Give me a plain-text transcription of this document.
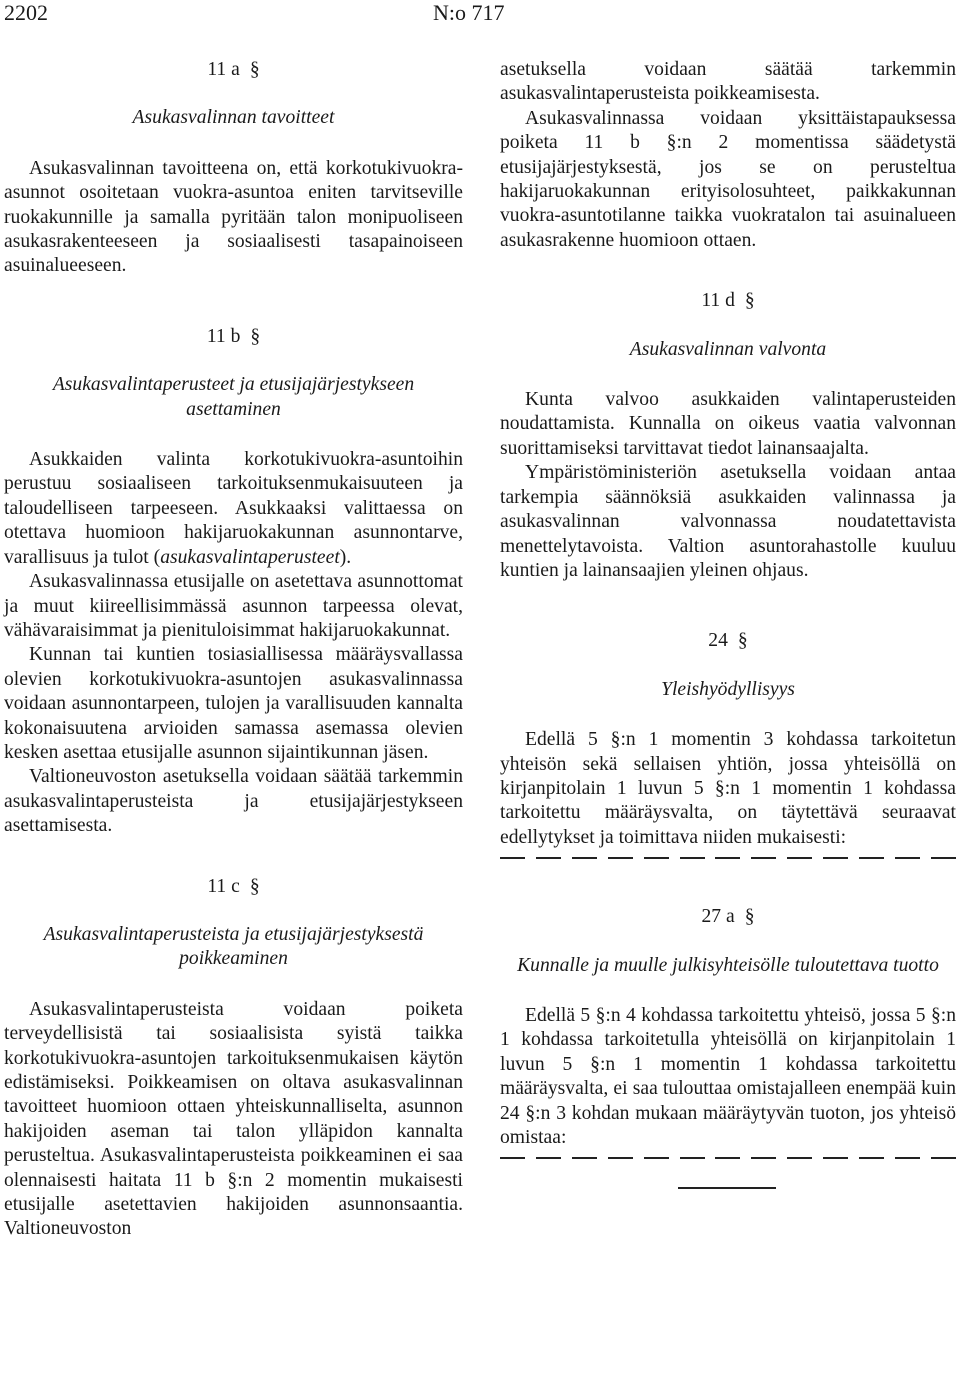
2202	N:o 717

11 a §

Asukasvalinnan tavoitteet

Asukasvalinnan tavoitteena on, että korkotukivuokra-asunnot osoitetaan vuokra-asuntoa eniten tarvitseville ruokakunnille ja samalla pyritään talon monipuoliseen asukasrakenteeseen ja sosiaalisesti tasapainoiseen asuinalueeseen.

11 b §

Asukasvalintaperusteet ja etusijajärjestykseen asettaminen

Asukkaiden valinta korkotukivuokra-asuntoihin perustuu sosiaaliseen tarkoituksenmukaisuuteen ja taloudelliseen tarpeeseen. Asukkaaksi valittaessa on otettava huomioon hakijaruokakunnan asunnontarve, varallisuus ja tulot (asukasvalintaperusteet).

Asukasvalinnassa etusijalle on asetettava asunnottomat ja muut kiireellisimmässä asunnon tarpeessa olevat, vähävaraisimmat ja pienituloisimmat hakijaruokakunnat.

Kunnan tai kuntien tosiasiallisessa määräysvallassa olevien korkotukivuokra-asuntojen asukasvalinnassa voidaan asunnontarpeen, tulojen ja varallisuuden kannalta kokonaisuutena arvioiden samassa asemassa olevien kesken asettaa etusijalle asunnon sijaintikunnan jäsen.

Valtioneuvoston asetuksella voidaan säätää tarkemmin asukasvalintaperusteista ja etusijajärjestykseen asettamisesta.

11 c §

Asukasvalintaperusteista ja etusijajärjestyksestä poikkeaminen

Asukasvalintaperusteista voidaan poiketa terveydellisistä tai sosiaalisista syistä taikka korkotukivuokra-asuntojen tarkoituksenmukaisen käytön edistämiseksi. Poikkeamisen on oltava asukasvalinnan tavoitteet huomioon ottaen yhteiskunnalliselta, asunnon hakijoiden aseman tai talon ylläpidon kannalta perusteltua. Asukasvalintaperusteista poikkeaminen ei saa olennaisesti haitata 11 b §:n 2 momentin mukaisesti etusijalle asetettavien hakijoiden asunnonsaantia. Valtioneuvoston

asetuksella voidaan säätää tarkemmin asukasvalintaperusteista poikkeamisesta.

Asukasvalinnassa voidaan yksittäistapauksessa poiketa 11 b §:n 2 momentissa säädetystä etusijajärjestyksestä, jos se on perusteltua hakijaruokakunnan erityisolosuhteet, paikkakunnan vuokra-asuntotilanne taikka vuokratalon tai asuinalueen asukasrakenne huomioon ottaen.

11 d §

Asukasvalinnan valvonta

Kunta valvoo asukkaiden valintaperusteiden noudattamista. Kunnalla on oikeus vaatia valvonnan suorittamiseksi tarvittavat tiedot lainansaajalta.

Ympäristöministeriön asetuksella voidaan antaa tarkempia säännöksiä asukkaiden valinnassa ja asukasvalinnan valvonnassa noudatettavista menettelytavoista. Valtion asuntorahastolle kuuluu kuntien ja lainansaajien yleinen ohjaus.

24 §

Yleishyödyllisyys

Edellä 5 §:n 1 momentin 3 kohdassa tarkoitetun yhteisön sekä sellaisen yhtiön, jossa yhteisöllä on kirjanpitolain 1 luvun 5 §:n 1 momentin 1 kohdassa tarkoitettu määräysvalta, on täytettävä seuraavat edellytykset ja toimittava niiden mukaisesti:

27 a §

Kunnalle ja muulle julkisyhteisölle tuloutettava tuotto

Edellä 5 §:n 4 kohdassa tarkoitettu yhteisö, jossa 5 §:n 1 kohdassa tarkoitetulla yhteisöllä on kirjanpitolain 1 luvun 5 §:n 1 momentin 1 kohdassa tarkoitettu määräysvalta, ei saa tulouttaa omistajalleen enempää kuin 24 §:n 3 kohdan mukaan määräytyvän tuoton, jos yhteisö omistaa:
